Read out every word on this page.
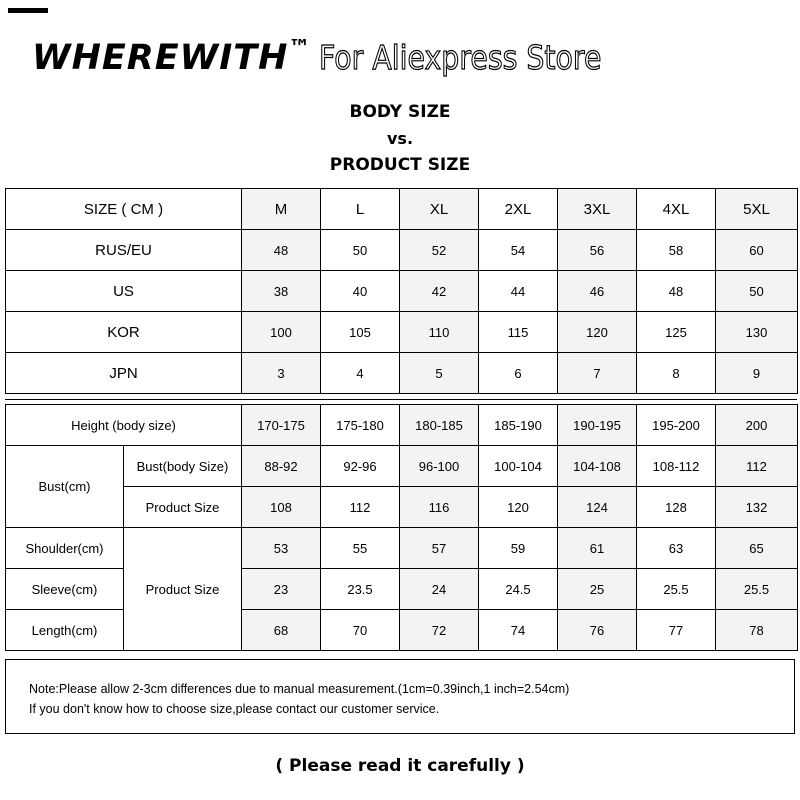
WHEREWITH™ For Aliexpress Store
BODY SIZE
vs.
PRODUCT SIZE
SIZE ( CM )	M	L	XL	2XL	3XL	4XL	5XL
RUS/EU	48	50	52	54	56	58	60
US	38	40	42	44	46	48	50
KOR	100	105	110	115	120	125	130
JPN	3	4	5	6	7	8	9
Height (body size)		170-175	175-180	180-185	185-190	190-195	195-200	200
Bust(cm)	Bust(body Size)	88-92	92-96	96-100	100-104	104-108	108-112	112
	Product Size	108	112	116	120	124	128	132
Shoulder(cm)	Product Size	53	55	57	59	61	63	65
Sleeve(cm)		23	23.5	24	24.5	25	25.5	25.5
Length(cm)		68	70	72	74	76	77	78
Note:Please allow 2-3cm differences due to manual measurement.(1cm=0.39inch,1 inch=2.54cm)
If you don't know how to choose size,please contact our customer service.
( Please read it carefully )
